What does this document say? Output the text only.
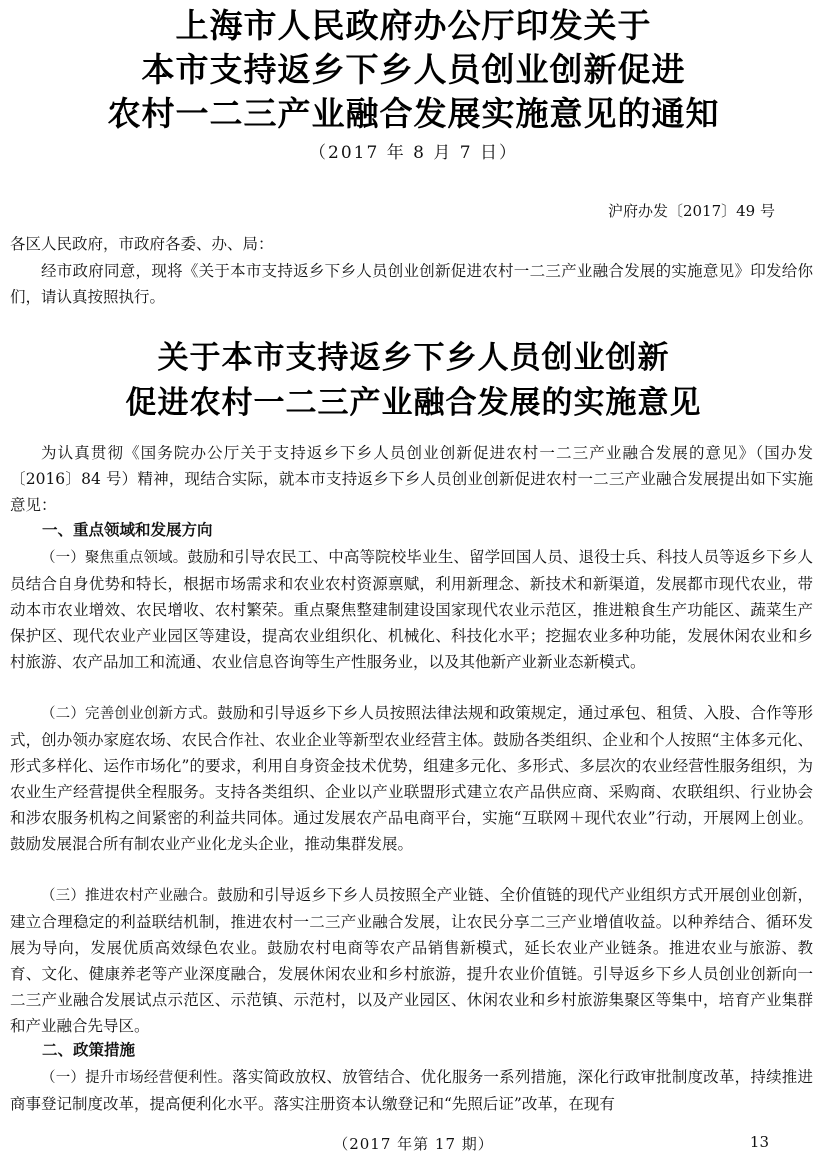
上海市人民政府办公厅印发关于
本市支持返乡下乡人员创业创新促进
农村一二三产业融合发展实施意见的通知
（2017 年 8 月 7 日）
沪府办发〔2017〕49 号
各区人民政府，市政府各委、办、局：

经市政府同意，现将《关于本市支持返乡下乡人员创业创新促进农村一二三产业融合发展的实施意见》印发给你们，请认真按照执行。

关于本市支持返乡下乡人员创业创新
促进农村一二三产业融合发展的实施意见

为认真贯彻《国务院办公厅关于支持返乡下乡人员创业创新促进农村一二三产业融合发展的意见》（国办发〔2016〕84 号）精神，现结合实际，就本市支持返乡下乡人员创业创新促进农村一二三产业融合发展提出如下实施意见：

一、重点领域和发展方向

（一）聚焦重点领域。鼓励和引导农民工、中高等院校毕业生、留学回国人员、退役士兵、科技人员等返乡下乡人员结合自身优势和特长，根据市场需求和农业农村资源禀赋，利用新理念、新技术和新渠道，发展都市现代农业，带动本市农业增效、农民增收、农村繁荣。重点聚焦整建制建设国家现代农业示范区，推进粮食生产功能区、蔬菜生产保护区、现代农业产业园区等建设，提高农业组织化、机械化、科技化水平；挖掘农业多种功能，发展休闲农业和乡村旅游、农产品加工和流通、农业信息咨询等生产性服务业，以及其他新产业新业态新模式。

（二）完善创业创新方式。鼓励和引导返乡下乡人员按照法律法规和政策规定，通过承包、租赁、入股、合作等形式，创办领办家庭农场、农民合作社、农业企业等新型农业经营主体。鼓励各类组织、企业和个人按照“主体多元化、形式多样化、运作市场化”的要求，利用自身资金技术优势，组建多元化、多形式、多层次的农业经营性服务组织，为农业生产经营提供全程服务。支持各类组织、企业以产业联盟形式建立农产品供应商、采购商、农联组织、行业协会和涉农服务机构之间紧密的利益共同体。通过发展农产品电商平台，实施“互联网＋现代农业”行动，开展网上创业。鼓励发展混合所有制农业产业化龙头企业，推动集群发展。

（三）推进农村产业融合。鼓励和引导返乡下乡人员按照全产业链、全价值链的现代产业组织方式开展创业创新，建立合理稳定的利益联结机制，推进农村一二三产业融合发展，让农民分享二三产业增值收益。以种养结合、循环发展为导向，发展优质高效绿色农业。鼓励农村电商等农产品销售新模式，延长农业产业链条。推进农业与旅游、教育、文化、健康养老等产业深度融合，发展休闲农业和乡村旅游，提升农业价值链。引导返乡下乡人员创业创新向一二三产业融合发展试点示范区、示范镇、示范村，以及产业园区、休闲农业和乡村旅游集聚区等集中，培育产业集群和产业融合先导区。

二、政策措施

（一）提升市场经营便利性。落实简政放权、放管结合、优化服务一系列措施，深化行政审批制度改革，持续推进商事登记制度改革，提高便利化水平。落实注册资本认缴登记和“先照后证”改革，在现有

（2017 年第 17 期）	13
